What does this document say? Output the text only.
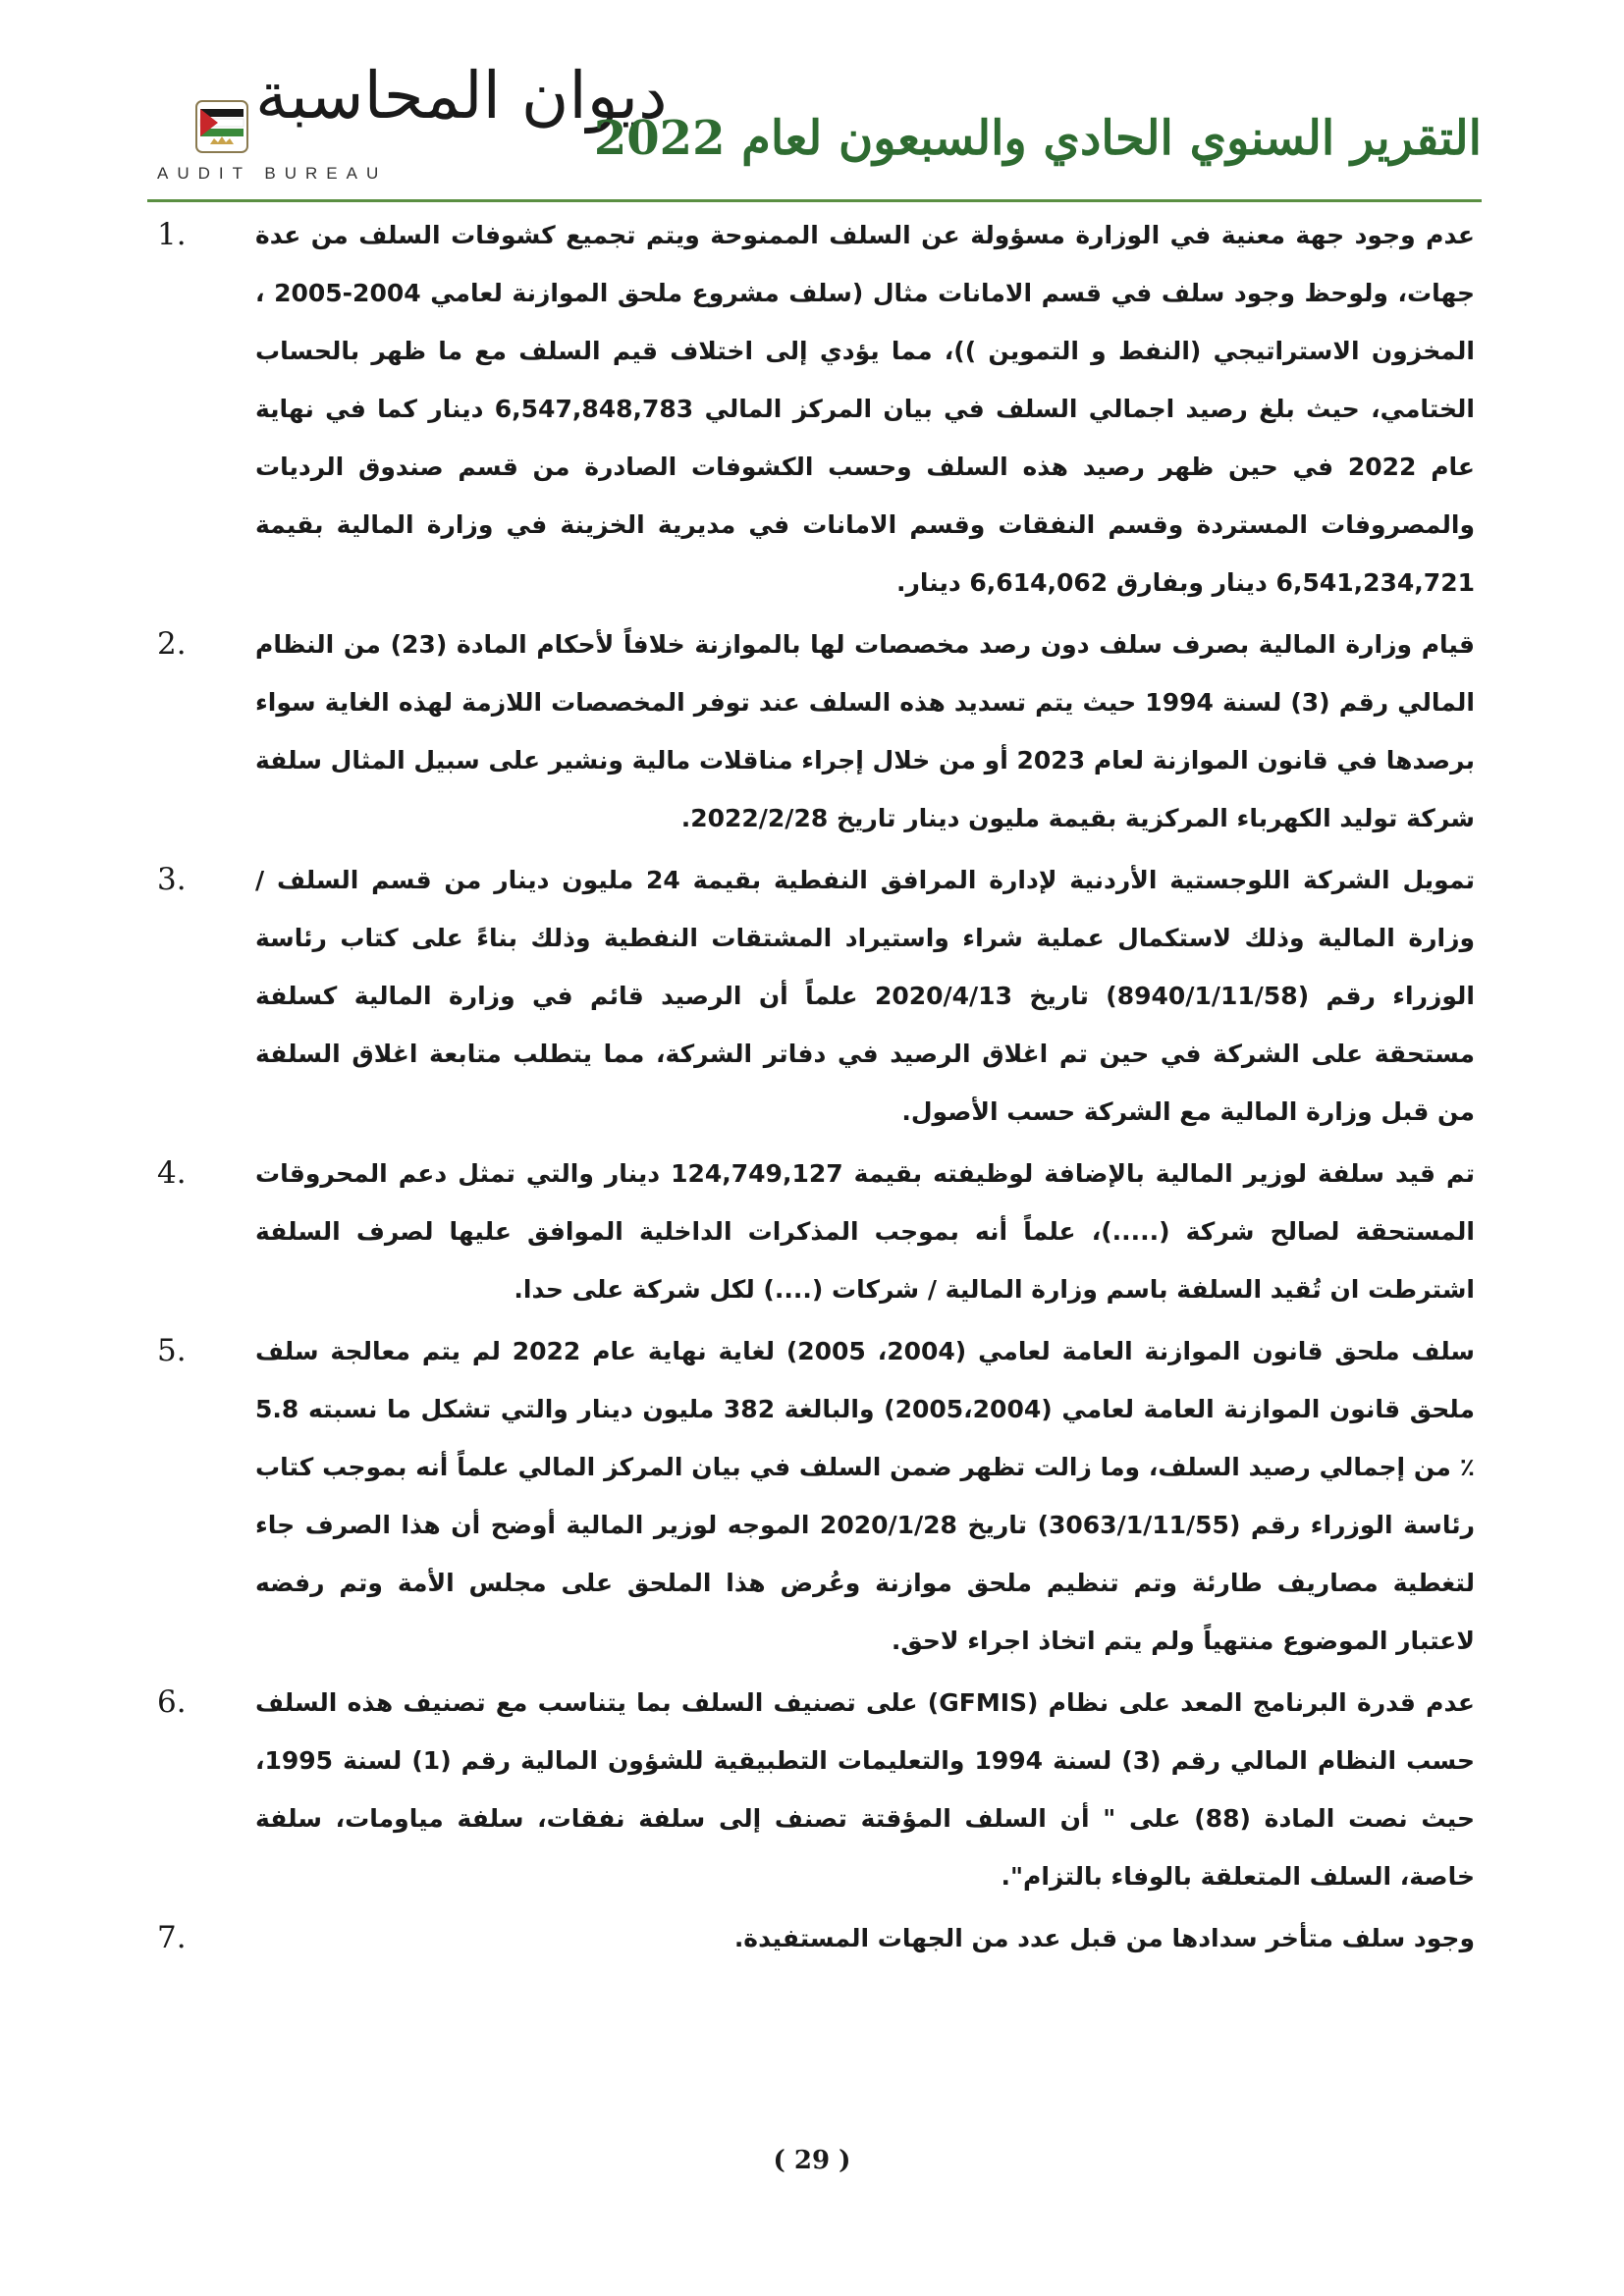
ديوان المحاسبة
AUDIT BUREAU
التقرير السنوي الحادي والسبعون لعام 2022
1.	عدم وجود جهة معنية في الوزارة مسؤولة عن السلف الممنوحة ويتم تجميع كشوفات السلف من عدة جهات، ولوحظ وجود سلف في قسم الامانات مثال (سلف مشروع ملحق الموازنة لعامي 2004-2005 ، المخزون الاستراتيجي (النفط و التموين ))، مما يؤدي إلى اختلاف قيم السلف مع ما ظهر بالحساب الختامي، حيث بلغ رصيد اجمالي السلف في بيان المركز المالي 6,547,848,783 دينار كما في نهاية عام 2022 في حين ظهر رصيد هذه السلف وحسب الكشوفات الصادرة من قسم صندوق الرديات والمصروفات المستردة وقسم النفقات وقسم الامانات في مديرية الخزينة في وزارة المالية بقيمة 6,541,234,721 دينار وبفارق 6,614,062 دينار.
2.	قيام وزارة المالية بصرف سلف دون رصد مخصصات لها بالموازنة خلافاً لأحكام المادة (23) من النظام المالي رقم (3) لسنة 1994 حيث يتم تسديد هذه السلف عند توفر المخصصات اللازمة لهذه الغاية سواء برصدها في قانون الموازنة لعام 2023 أو من خلال إجراء مناقلات مالية ونشير على سبيل المثال سلفة شركة توليد الكهرباء المركزية بقيمة مليون دينار تاريخ 2022/2/28.
3.	تمويل الشركة اللوجستية الأردنية لإدارة المرافق النفطية بقيمة 24 مليون دينار من قسم السلف / وزارة المالية وذلك لاستكمال عملية شراء واستيراد المشتقات النفطية وذلك بناءً على كتاب رئاسة الوزراء رقم (8940/1/11/58) تاريخ 2020/4/13 علماً أن الرصيد قائم في وزارة المالية كسلفة مستحقة على الشركة في حين تم اغلاق الرصيد في دفاتر الشركة، مما يتطلب متابعة اغلاق السلفة من قبل وزارة المالية مع الشركة حسب الأصول.
4.	تم قيد سلفة لوزير المالية بالإضافة لوظيفته بقيمة 124,749,127 دينار والتي تمثل دعم المحروقات المستحقة لصالح شركة (.....)، علماً أنه بموجب المذكرات الداخلية الموافق عليها لصرف السلفة اشترطت ان تُقيد السلفة باسم وزارة المالية / شركات (....) لكل شركة على حدا.
5.	سلف ملحق قانون الموازنة العامة لعامي (2004، 2005) لغاية نهاية عام 2022 لم يتم معالجة سلف ملحق قانون الموازنة العامة لعامي (2005،2004) والبالغة 382 مليون دينار والتي تشكل ما نسبته 5.8 ٪ من إجمالي رصيد السلف، وما زالت تظهر ضمن السلف في بيان المركز المالي علماً أنه بموجب كتاب رئاسة الوزراء رقم (3063/1/11/55) تاريخ 2020/1/28 الموجه لوزير المالية أوضح أن هذا الصرف جاء لتغطية مصاريف طارئة وتم تنظيم ملحق موازنة وعُرض هذا الملحق على مجلس الأمة وتم رفضه لاعتبار الموضوع منتهياً ولم يتم اتخاذ اجراء لاحق.
6.	عدم قدرة البرنامج المعد على نظام (GFMIS) على تصنيف السلف بما يتناسب مع تصنيف هذه السلف حسب النظام المالي رقم (3) لسنة 1994 والتعليمات التطبيقية للشؤون المالية رقم (1) لسنة 1995، حيث نصت المادة (88) على " أن السلف المؤقتة تصنف إلى سلفة نفقات، سلفة مياومات، سلفة خاصة، السلف المتعلقة بالوفاء بالتزام".
7.	وجود سلف متأخر سدادها من قبل عدد من الجهات المستفيدة.
( 29 )
